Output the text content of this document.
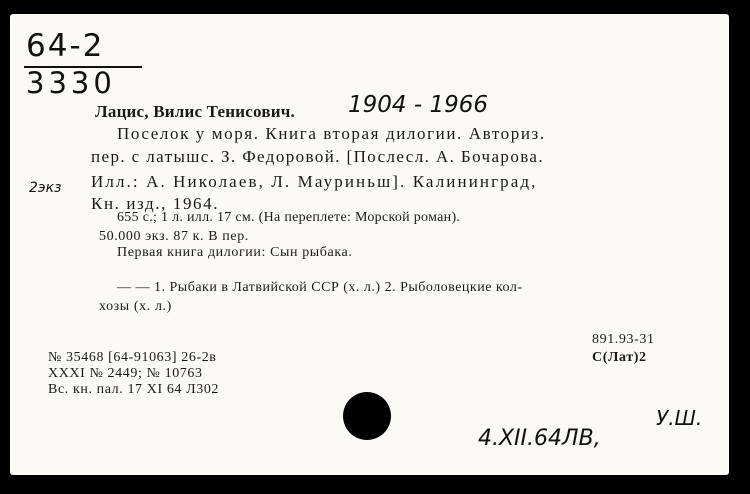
64-2
3330
Лацис, Вилис Тенисович. 1904 - 1966
Поселок у моря. Книга вторая дилогии. Авториз.
пер. с латышс. З. Федоровой. [Послесл. А. Бочарова.
Илл.: А. Николаев, Л. Мауриньш]. Калининград,
Кн. изд., 1964.
2экз
655 с.; 1 л. илл. 17 см. (На переплете: Морской роман).
50.000 экз. 87 к. В пер.
Первая книга дилогии: Сын рыбака.
— — 1. Рыбаки в Латвийской ССР (х. л.) 2. Рыболовецкие кол-
хозы (х. л.)
891.93-31
С(Лат)2
№ 35468 [64-91063] 26-2в
XXXI № 2449; № 10763
Вс. кн. пал. 17 XI 64 Л302
У.Ш.
4.XII.64ЛВ,
